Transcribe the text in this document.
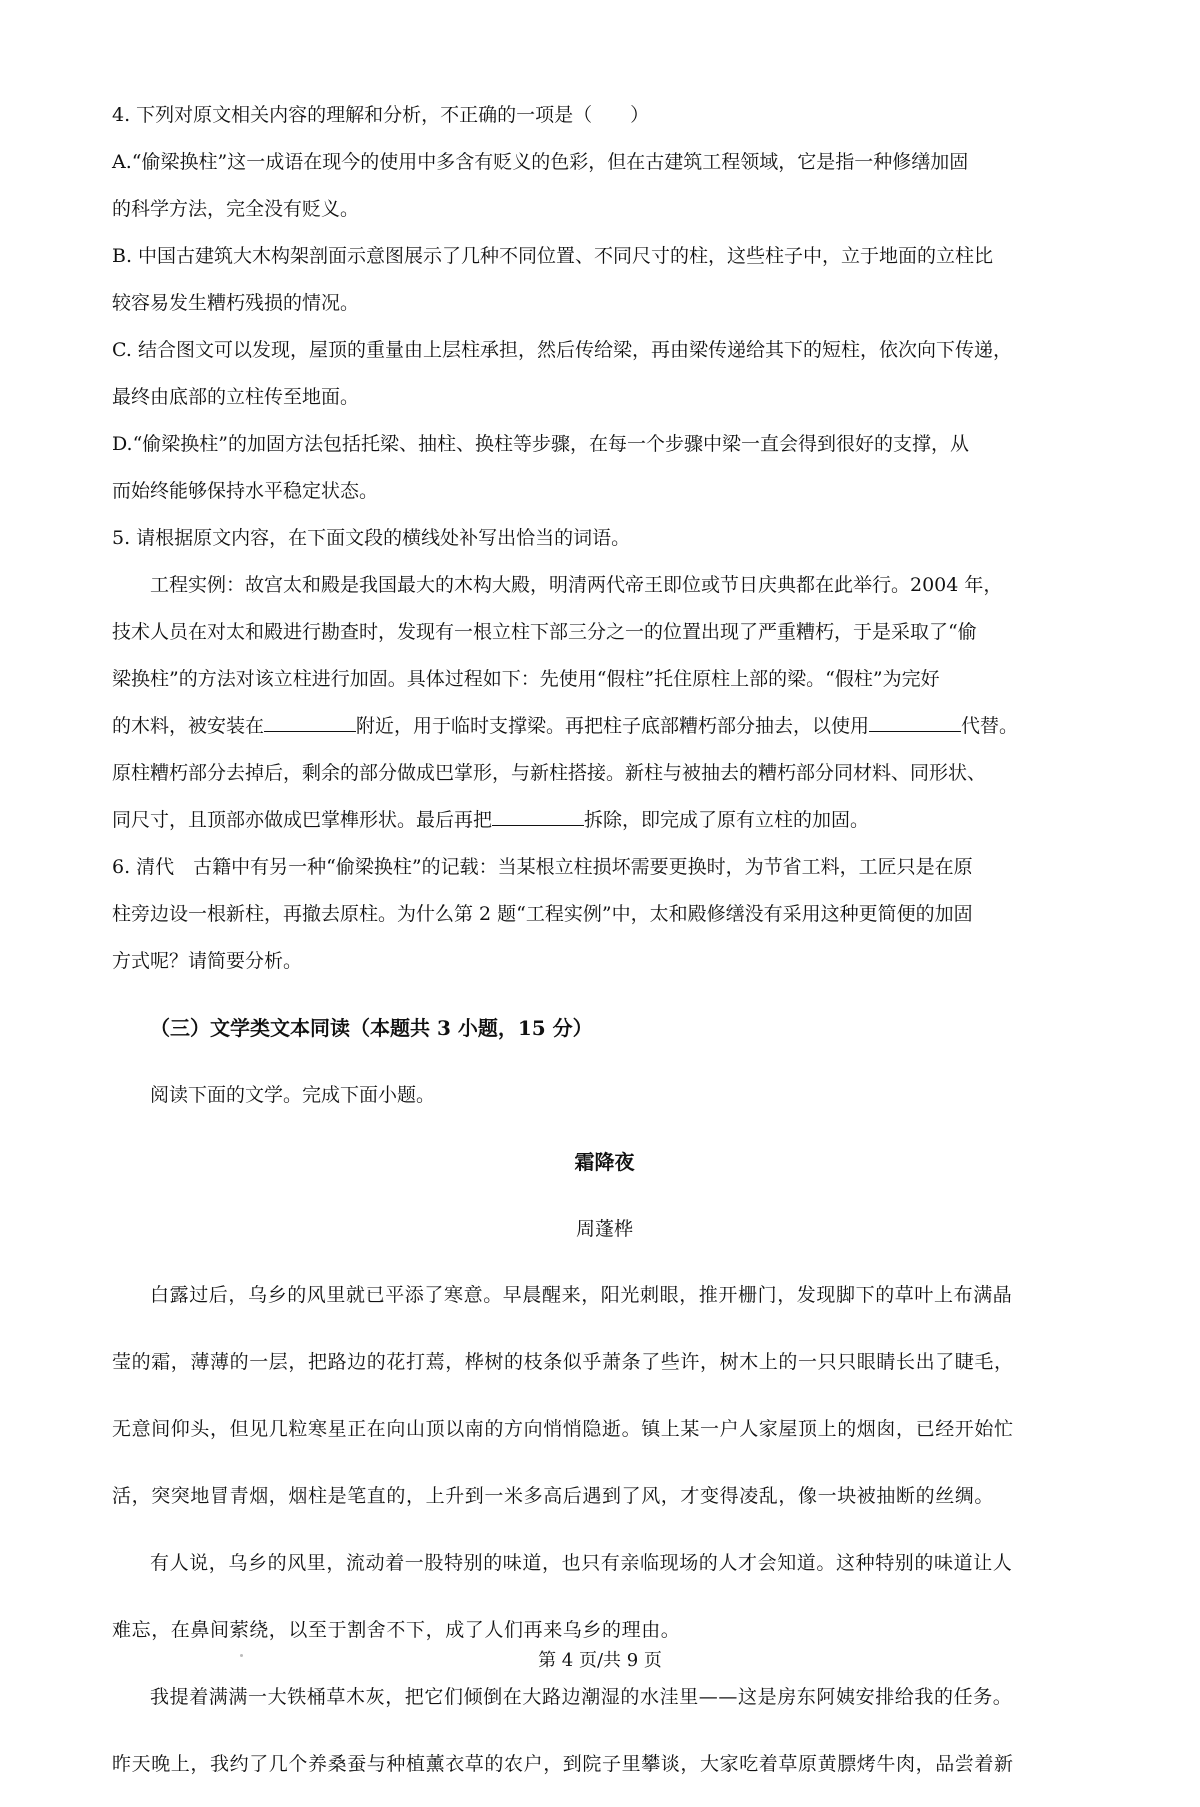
4. 下列对原文相关内容的理解和分析，不正确的一项是（　　）

A.“偷梁换柱”这一成语在现今的使用中多含有贬义的色彩，但在古建筑工程领域，它是指一种修缮加固

的科学方法，完全没有贬义。

B. 中国古建筑大木构架剖面示意图展示了几种不同位置、不同尺寸的柱，这些柱子中，立于地面的立柱比

较容易发生糟朽残损的情况。

C. 结合图文可以发现，屋顶的重量由上层柱承担，然后传给梁，再由梁传递给其下的短柱，依次向下传递，

最终由底部的立柱传至地面。

D.“偷梁换柱”的加固方法包括托梁、抽柱、换柱等步骤，在每一个步骤中梁一直会得到很好的支撑，从

而始终能够保持水平稳定状态。

5. 请根据原文内容，在下面文段的横线处补写出恰当的词语。

工程实例：故宫太和殿是我国最大的木构大殿，明清两代帝王即位或节日庆典都在此举行。2004 年，

技术人员在对太和殿进行勘查时，发现有一根立柱下部三分之一的位置出现了严重糟朽，于是采取了“偷

梁换柱”的方法对该立柱进行加固。具体过程如下：先使用“假柱”托住原柱上部的梁。“假柱”为完好

的木料，被安装在	附近，用于临时支撑梁。再把柱子底部糟朽部分抽去，以使用	代替。

原柱糟朽部分去掉后，剩余的部分做成巴掌形，与新柱搭接。新柱与被抽去的糟朽部分同材料、同形状、

同尺寸，且顶部亦做成巴掌榫形状。最后再把	拆除，即完成了原有立柱的加固。

6. 清代　古籍中有另一种“偷梁换柱”的记载：当某根立柱损坏需要更换时，为节省工料，工匠只是在原

柱旁边设一根新柱，再撤去原柱。为什么第 2 题“工程实例”中，太和殿修缮没有采用这种更简便的加固

方式呢？请简要分析。

（三）文学类文本同读（本题共 3 小题，15 分）

阅读下面的文学。完成下面小题。

霜降夜

周蓬桦

白露过后，乌乡的风里就已平添了寒意。早晨醒来，阳光刺眼，推开栅门，发现脚下的草叶上布满晶

莹的霜，薄薄的一层，把路边的花打蔫，桦树的枝条似乎萧条了些许，树木上的一只只眼睛长出了睫毛，

无意间仰头，但见几粒寒星正在向山顶以南的方向悄悄隐逝。镇上某一户人家屋顶上的烟囱，已经开始忙

活，突突地冒青烟，烟柱是笔直的，上升到一米多高后遇到了风，才变得凌乱，像一块被抽断的丝绸。

有人说，乌乡的风里，流动着一股特别的味道，也只有亲临现场的人才会知道。这种特别的味道让人

难忘，在鼻间萦绕，以至于割舍不下，成了人们再来乌乡的理由。

我提着满满一大铁桶草木灰，把它们倾倒在大路边潮湿的水洼里——这是房东阿姨安排给我的任务。

昨天晚上，我约了几个养桑蚕与种植薰衣草的农户，到院子里攀谈，大家吃着草原黄膘烤牛肉，品尝着新

第 4 页/共 9 页
